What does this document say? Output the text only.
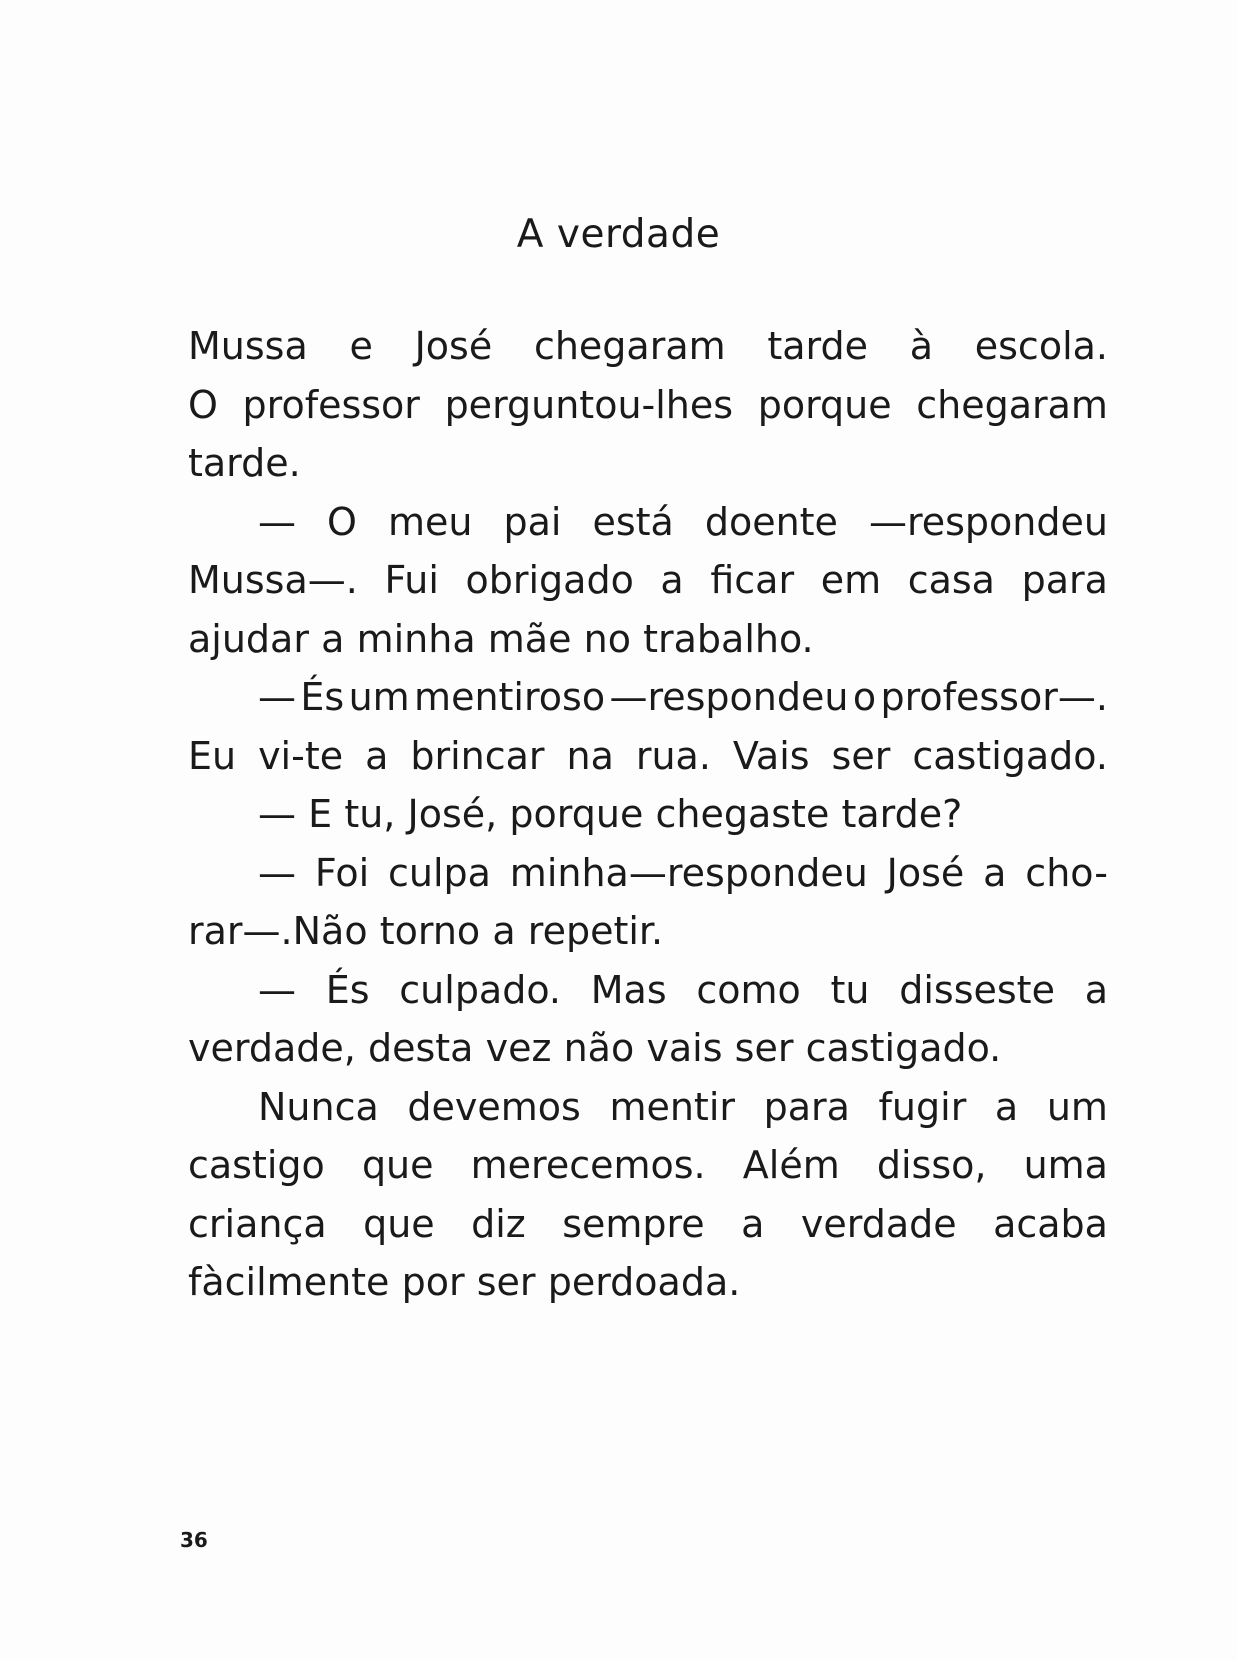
A verdade
Mussa e José chegaram tarde à escola.
O professor perguntou-lhes porque chegaram
tarde.
— O meu pai está doente —respondeu
Mussa—. Fui obrigado a ficar em casa para
ajudar a minha mãe no trabalho.
— És um mentiroso —respondeu o professor—.
Eu vi-te a brincar na rua. Vais ser castigado.
— E tu, José, porque chegaste tarde?
— Foi culpa minha—respondeu José a cho-
rar—.Não torno a repetir.
— És culpado. Mas como tu disseste a
verdade, desta vez não vais ser castigado.
Nunca devemos mentir para fugir a um
castigo que merecemos. Além disso, uma
criança que diz sempre a verdade acaba
fàcilmente por ser perdoada.
36
